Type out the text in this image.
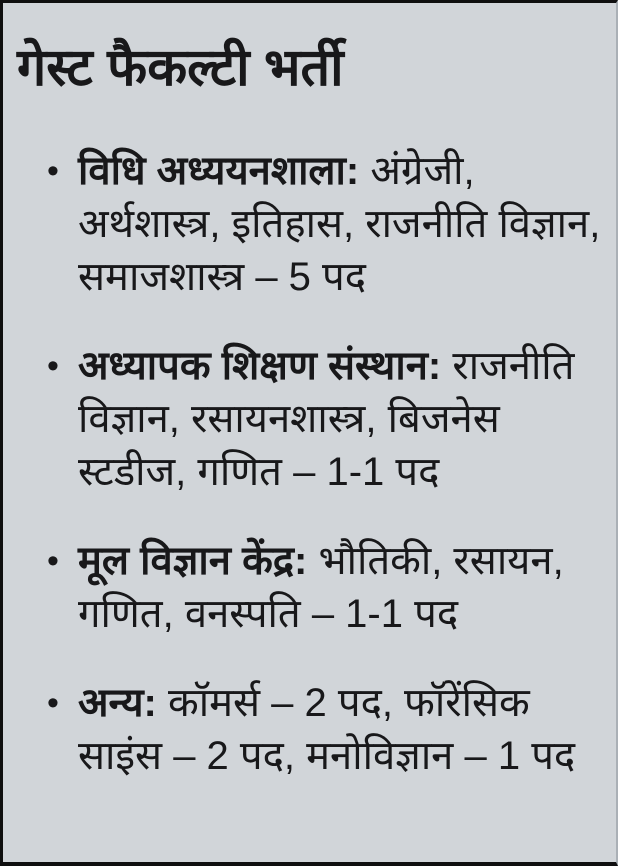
गेस्ट फैकल्टी भर्ती
• विधि अध्ययनशाला: अंग्रेजी, अर्थशास्त्र, इतिहास, राजनीति विज्ञान, समाजशास्त्र – 5 पद
• अध्यापक शिक्षण संस्थान: राजनीति विज्ञान, रसायनशास्त्र, बिजनेस स्टडीज, गणित – 1-1 पद
• मूल विज्ञान केंद्र: भौतिकी, रसायन, गणित, वनस्पति – 1-1 पद
• अन्य: कॉमर्स – 2 पद, फॉरेंसिक साइंस – 2 पद, मनोविज्ञान – 1 पद
